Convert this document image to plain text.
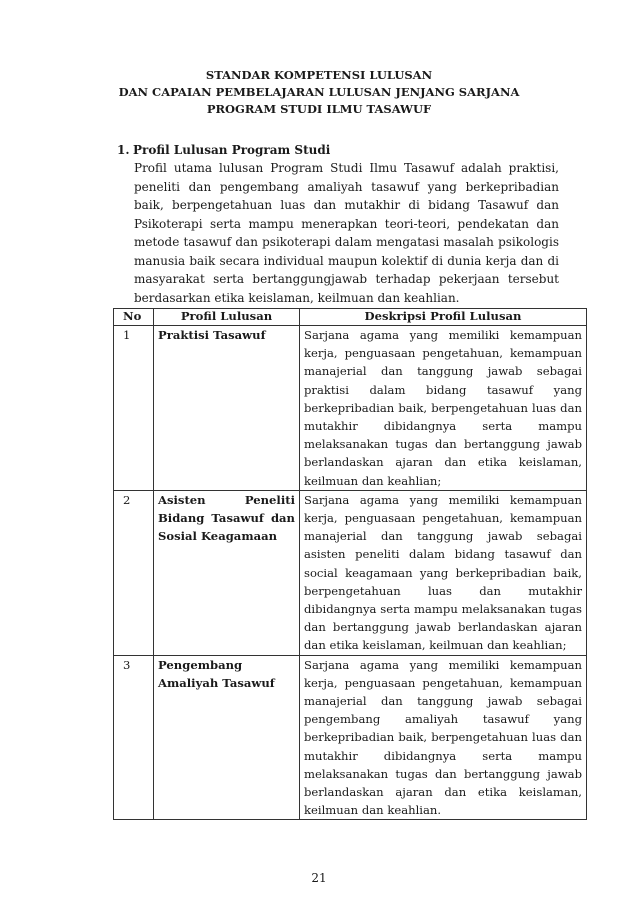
STANDAR KOMPETENSI LULUSAN
DAN CAPAIAN PEMBELAJARAN LULUSAN JENJANG SARJANA
PROGRAM STUDI ILMU TASAWUF
1. Profil Lulusan Program Studi

Profil utama lulusan Program Studi Ilmu Tasawuf adalah praktisi, peneliti dan pengembang amaliyah tasawuf yang berkepribadian baik, berpengetahuan luas dan mutakhir di bidang Tasawuf dan Psikoterapi serta mampu menerapkan teori-teori, pendekatan dan metode tasawuf dan psikoterapi dalam mengatasi masalah psikologis manusia baik secara individual maupun kolektif di dunia kerja dan di masyarakat serta bertanggungjawab terhadap pekerjaan tersebut berdasarkan etika keislaman, keilmuan dan keahlian.

No	Profil Lulusan	Deskripsi Profil Lulusan
1	Praktisi Tasawuf	Sarjana agama yang memiliki kemampuan kerja, penguasaan pengetahuan, kemampuan manajerial dan tanggung jawab sebagai praktisi dalam bidang tasawuf yang berkepribadian baik, berpengetahuan luas dan mutakhir dibidangnya serta mampu melaksanakan tugas dan bertanggung jawab berlandaskan ajaran dan etika keislaman, keilmuan dan keahlian;
2	Asisten Peneliti Bidang Tasawuf dan Sosial Keagamaan	Sarjana agama yang memiliki kemampuan kerja, penguasaan pengetahuan, kemampuan manajerial dan tanggung jawab sebagai asisten peneliti dalam bidang tasawuf dan social keagamaan yang berkepribadian baik, berpengetahuan luas dan mutakhir dibidangnya serta mampu melaksanakan tugas dan bertanggung jawab berlandaskan ajaran dan etika keislaman, keilmuan dan keahlian;
3	Pengembang Amaliyah Tasawuf	Sarjana agama yang memiliki kemampuan kerja, penguasaan pengetahuan, kemampuan manajerial dan tanggung jawab sebagai pengembang amaliyah tasawuf yang berkepribadian baik, berpengetahuan luas dan mutakhir dibidangnya serta mampu melaksanakan tugas dan bertanggung jawab berlandaskan ajaran dan etika keislaman, keilmuan dan keahlian.
21
